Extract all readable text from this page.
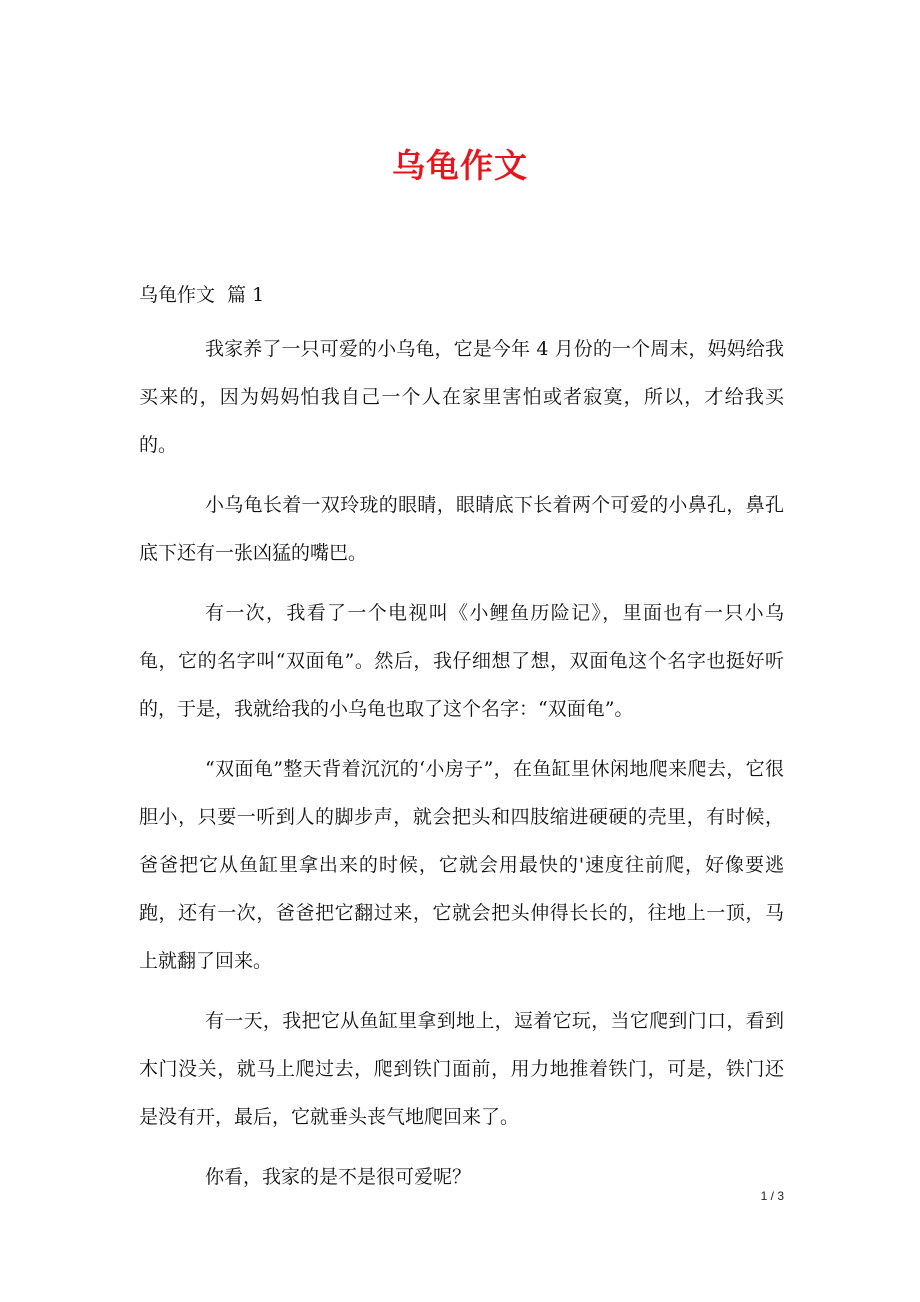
乌龟作文

乌龟作文  篇 1

我家养了一只可爱的小乌龟，它是今年 4 月份的一个周末，妈妈给我买来的，因为妈妈怕我自己一个人在家里害怕或者寂寞，所以，才给我买的。

小乌龟长着一双玲珑的眼睛，眼睛底下长着两个可爱的小鼻孔，鼻孔底下还有一张凶猛的嘴巴。

有一次，我看了一个电视叫《小鲤鱼历险记》，里面也有一只小乌龟，它的名字叫“双面龟”。然后，我仔细想了想，双面龟这个名字也挺好听的，于是，我就给我的小乌龟也取了这个名字：“双面龟”。

“双面龟”整天背着沉沉的‘小房子”，在鱼缸里休闲地爬来爬去，它很胆小，只要一听到人的脚步声，就会把头和四肢缩进硬硬的壳里，有时候，爸爸把它从鱼缸里拿出来的时候，它就会用最快的'速度往前爬，好像要逃跑，还有一次，爸爸把它翻过来，它就会把头伸得长长的，往地上一顶，马上就翻了回来。

有一天，我把它从鱼缸里拿到地上，逗着它玩，当它爬到门口，看到木门没关，就马上爬过去，爬到铁门面前，用力地推着铁门，可是，铁门还是没有开，最后，它就垂头丧气地爬回来了。

你看，我家的是不是很可爱呢？

1 / 3
